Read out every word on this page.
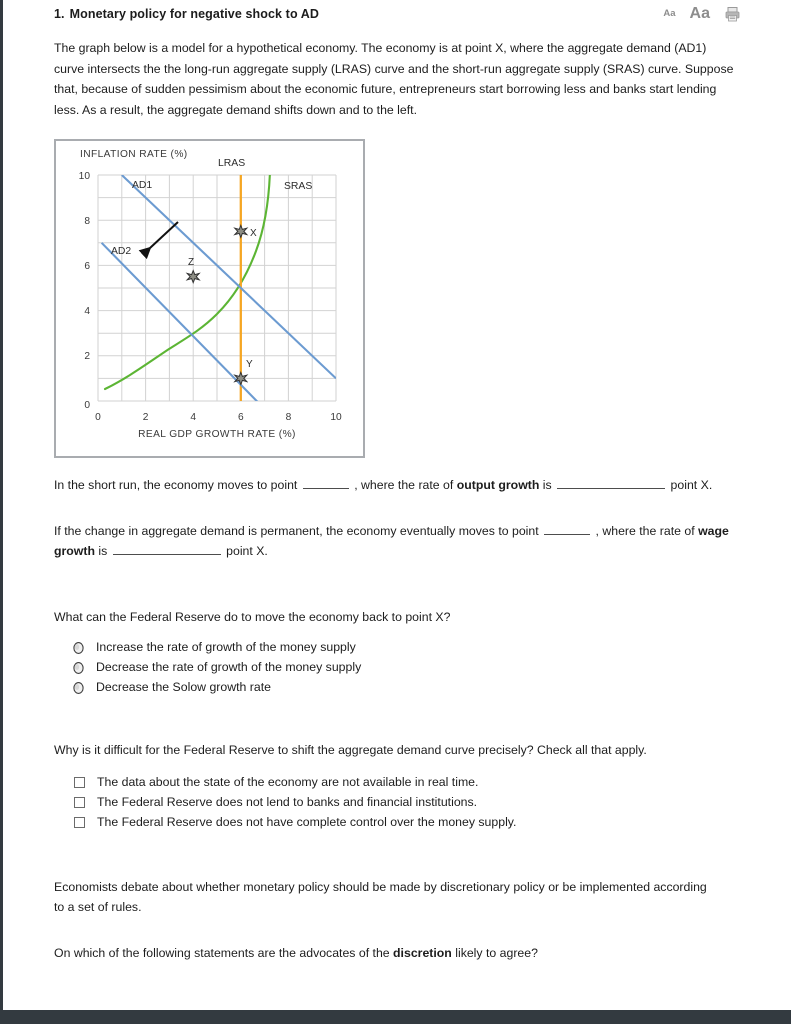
1. Monetary policy for negative shock to AD	Aa Aa

The graph below is a model for a hypothetical economy. The economy is at point X, where the aggregate demand (AD1) curve intersects the the long-run aggregate supply (LRAS) curve and the short-run aggregate supply (SRAS) curve. Suppose that, because of sudden pessimism about the economic future, entrepreneurs start borrowing less and banks start lending less. As a result, the aggregate demand shifts down and to the left.

INFLATION RATE (%)
10
8
6
4
2
0
0	2	4	6	8	10
REAL GDP GROWTH RATE (%)
AD1
AD2
LRAS
SRAS
X
Z
Y

In the short run, the economy moves to point	, where the rate of output growth is	point X.

If the change in aggregate demand is permanent, the economy eventually moves to point	, where the rate of wage growth is	point X.

What can the Federal Reserve do to move the economy back to point X?

Increase the rate of growth of the money supply
Decrease the rate of growth of the money supply
Decrease the Solow growth rate

Why is it difficult for the Federal Reserve to shift the aggregate demand curve precisely? Check all that apply.

The data about the state of the economy are not available in real time.
The Federal Reserve does not lend to banks and financial institutions.
The Federal Reserve does not have complete control over the money supply.

Economists debate about whether monetary policy should be made by discretionary policy or be implemented according to a set of rules.

On which of the following statements are the advocates of the discretion likely to agree?
